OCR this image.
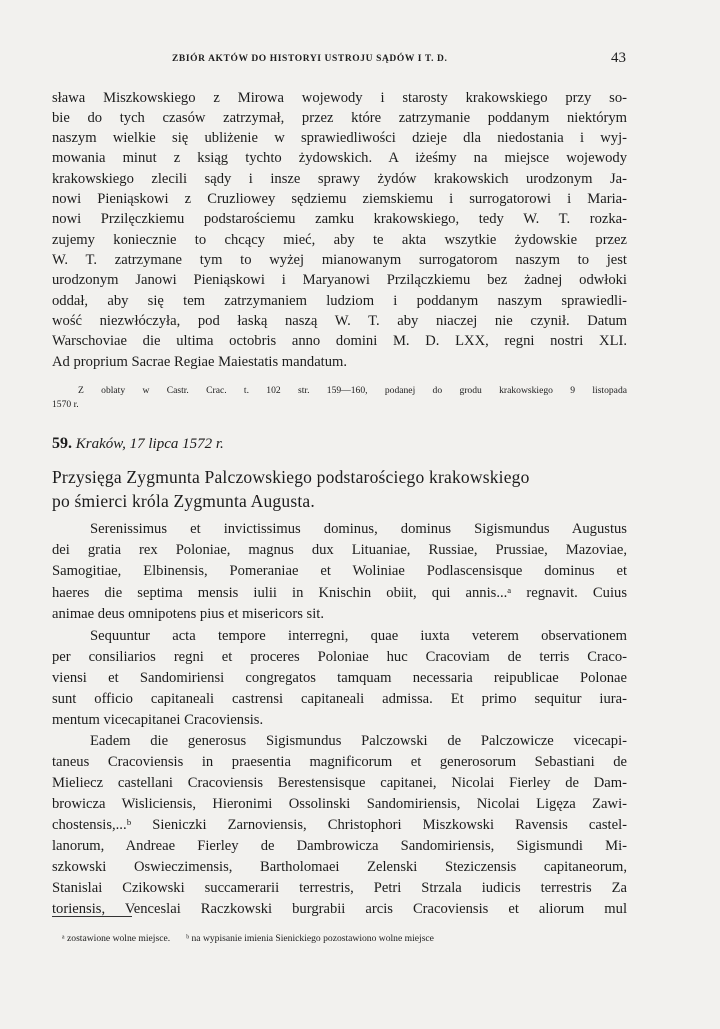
ZBIÓR AKTÓW DO HISTORYI USTROJU SĄDÓW I T. D.	43
sława Miszkowskiego z Mirowa wojewody i starosty krakowskiego przy so-
bie do tych czasów zatrzymał, przez które zatrzymanie poddanym niektórym
naszym wielkie się ubliżenie w sprawiedliwości dzieje dla niedostania i wyj-
mowania minut z ksiąg tychto żydowskich. A iżeśmy na miejsce wojewody
krakowskiego zlecili sądy i insze sprawy żydów krakowskich urodzonym Ja-
nowi Pieniąskowi z Cruzliowey sędziemu ziemskiemu i surrogatorowi i Maria-
nowi Przilęczkiemu podstarościemu zamku krakowskiego, tedy W. T. rozka-
zujemy koniecznie to chcący mieć, aby te akta wszytkie żydowskie przez
W. T. zatrzymane tym to wyżej mianowanym surrogatorom naszym to jest
urodzonym Janowi Pieniąskowi i Maryanowi Przilączkiemu bez żadnej odwłoki
oddał, aby się tem zatrzymaniem ludziom i poddanym naszym sprawiedli-
wość niezwłóczyła, pod łaską naszą W. T. aby niaczej nie czynił. Datum
Warschoviae die ultima octobris anno domini M. D. LXX, regni nostri XLI.
Ad proprium Sacrae Regiae Maiestatis mandatum.
Z oblaty w Castr. Crac. t. 102 str. 159—160, podanej do grodu krakowskiego 9 listopada
1570 r.
59. Kraków, 17 lipca 1572 r.
Przysięga Zygmunta Palczowskiego podstarościego krakowskiego
po śmierci króla Zygmunta Augusta.
Serenissimus et invictissimus dominus, dominus Sigismundus Augustus
dei gratia rex Poloniae, magnus dux Lituaniae, Russiae, Prussiae, Mazoviae,
Samogitiae, Elbinensis, Pomeraniae et Woliniae Podlascensisque dominus et
haeres die septima mensis iulii in Knischin obiit, qui annis...ᵃ regnavit. Cuius
animae deus omnipotens pius et misericors sit.
Sequuntur acta tempore interregni, quae iuxta veterem observationem
per consiliarios regni et proceres Poloniae huc Cracoviam de terris Craco-
viensi et Sandomiriensi congregatos tamquam necessaria reipublicae Polonae
sunt officio capitaneali castrensi capitaneali admissa. Et primo sequitur iura-
mentum vicecapitanei Cracoviensis.
Eadem die generosus Sigismundus Palczowski de Palczowicze vicecapi-
taneus Cracoviensis in praesentia magnificorum et generosorum Sebastiani de
Mieliecz castellani Cracoviensis Berestensisque capitanei, Nicolai Fierley de Dam-
browicza Wisliciensis, Hieronimi Ossolinski Sandomiriensis, Nicolai Ligęza Zawi-
chostensis,...ᵇ Sieniczki Zarnoviensis, Christophori Miszkowski Ravensis castel-
lanorum, Andreae Fierley de Dambrowicza Sandomiriensis, Sigismundi Mi-
szkowski Oswieczimensis, Bartholomaei Zelenski Steziczensis capitaneorum,
Stanislai Czikowski succamerarii terrestris, Petri Strzala iudicis terrestris Za
toriensis, Venceslai Raczkowski burgrabii arcis Cracoviensis et aliorum mul
ᵃ zostawione wolne miejsce. ᵇ na wypisanie imienia Sienickiego pozostawiono wolne miejsce
